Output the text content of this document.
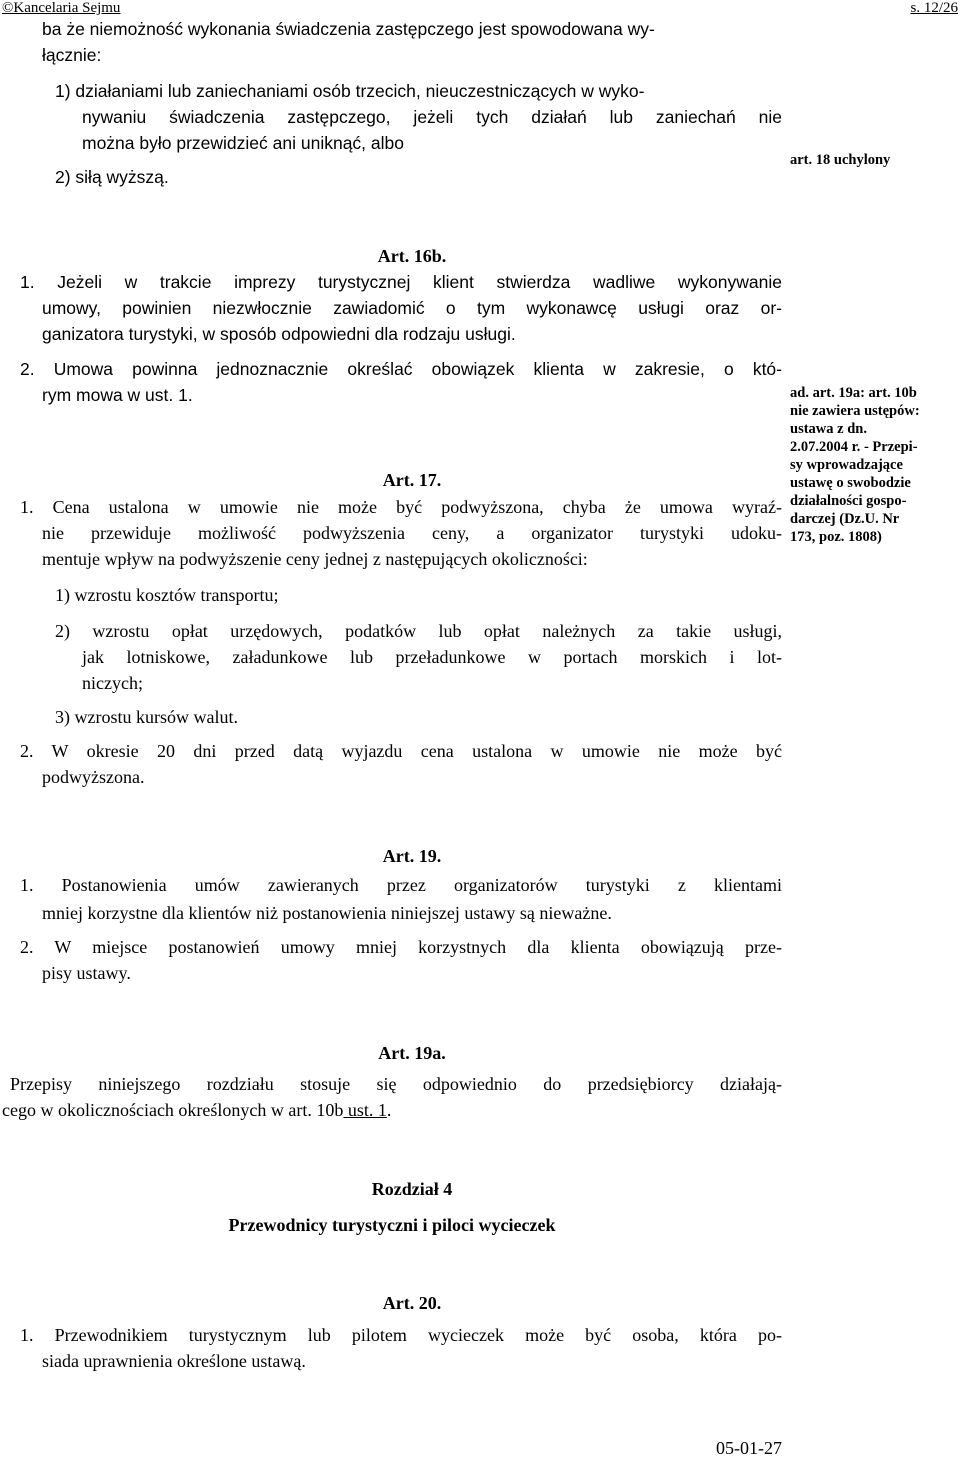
©Kancelaria Sejmu	s. 12/26
ba że niemożność wykonania świadczenia zastępczego jest spowodowana wy-
łącznie:
1) działaniami lub zaniechaniami osób trzecich, nieuczestniczących w wyko-
nywaniu świadczenia zastępczego, jeżeli tych działań lub zaniechań nie
można było przewidzieć ani uniknąć, albo
2) siłą wyższą.
art. 18 uchylony
Art. 16b.
1. Jeżeli w trakcie imprezy turystycznej klient stwierdza wadliwe wykonywanie
umowy, powinien niezwłocznie zawiadomić o tym wykonawcę usługi oraz or-
ganizatora turystyki, w sposób odpowiedni dla rodzaju usługi.
2. Umowa powinna jednoznacznie określać obowiązek klienta w zakresie, o któ-
rym mowa w ust. 1.	ad. art. 19a: art. 10b
nie zawiera ustępów:
ustawa z dn.
2.07.2004 r. - Przepi-
sy wprowadzające
ustawę o swobodzie
działalności gospo-
darczej (Dz.U. Nr
173, poz. 1808)
Art. 17.
1. Cena ustalona w umowie nie może być podwyższona, chyba że umowa wyraź-
nie przewiduje możliwość podwyższenia ceny, a organizator turystyki udoku-
mentuje wpływ na podwyższenie ceny jednej z następujących okoliczności:
1) wzrostu kosztów transportu;
2) wzrostu opłat urzędowych, podatków lub opłat należnych za takie usługi,
jak lotniskowe, załadunkowe lub przeładunkowe w portach morskich i lot-
niczych;
3) wzrostu kursów walut.
2. W okresie 20 dni przed datą wyjazdu cena ustalona w umowie nie może być
podwyższona.
Art. 19.
1. Postanowienia umów zawieranych przez organizatorów turystyki z klientami
mniej korzystne dla klientów niż postanowienia niniejszej ustawy są nieważne.
2. W miejsce postanowień umowy mniej korzystnych dla klienta obowiązują prze-
pisy ustawy.
Art. 19a.
Przepisy niniejszego rozdziału stosuje się odpowiednio do przedsiębiorcy działają-
cego w okolicznościach określonych w art. 10b ust. 1.
Rozdział 4
Przewodnicy turystyczni i piloci wycieczek
Art. 20.
1. Przewodnikiem turystycznym lub pilotem wycieczek może być osoba, która po-
siada uprawnienia określone ustawą.
05-01-27
